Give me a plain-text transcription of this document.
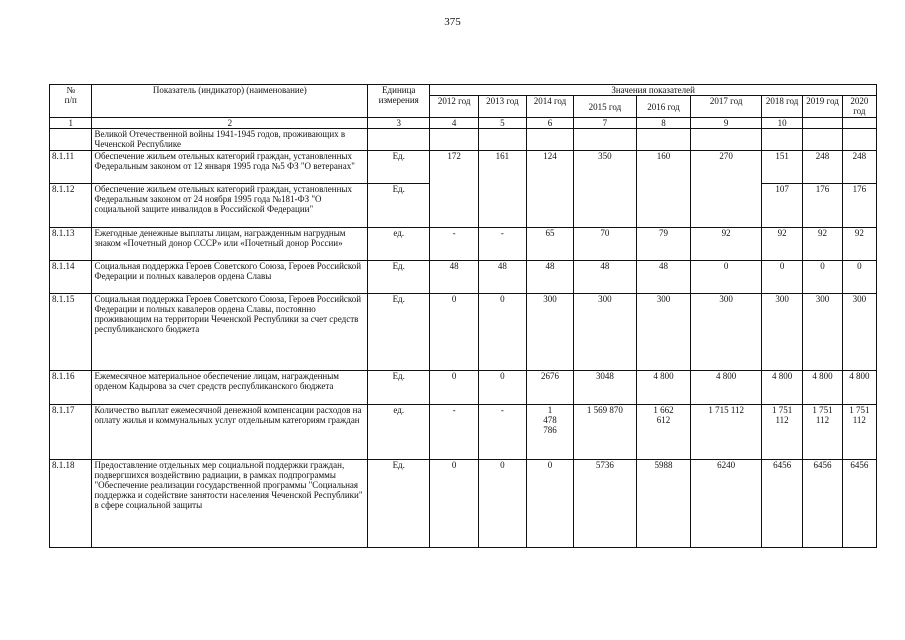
375
№
п/п	Показатель (индикатор) (наименование)	Единица измерения	Значения показателей								
			2012 год	2013 год	2014 год	2015 год	2016 год	2017 год	2018 год	2019 год	2020 год
1	2	3	4	5	6	7	8	9	10		
	Великой Отечественной войны 1941-1945 годов, проживающих в Чеченской Республике										
8.1.11	Обеспечение жильем отельных категорий граждан, установленных Федеральным законом от 12 января 1995 года №5 ФЗ "О ветеранах"	Ед.	172	161	124	350	160	270	151	248	248
8.1.12	Обеспечение жильем отельных категорий граждан, установленных Федеральным законом от 24 ноября 1995 года №181-ФЗ "О социальной защите инвалидов в Российской Федерации"	Ед.							107	176	176
8.1.13	Ежегодные денежные выплаты лицам, награжденным нагрудным знаком «Почетный донор СССР» или «Почетный донор России»	ед.	-	-	65	70	79	92	92	92	92
8.1.14	Социальная поддержка Героев Советского Союза, Героев Российской Федерации и полных кавалеров ордена Славы	Ед.	48	48	48	48	48	0	0	0	0
8.1.15	Социальная поддержка Героев Советского Союза, Героев Российской Федерации и полных кавалеров ордена Славы, постоянно проживающим на территории Чеченской Республики за счет средств республиканского бюджета	Ед.	0	0	300	300	300	300	300	300	300
8.1.16	Ежемесячное материальное обеспечение лицам, награжденным орденом Кадырова за счет средств республиканского бюджета	Ед.	0	0	2676	3048	4 800	4 800	4 800	4 800	4 800
8.1.17	Количество выплат ежемесячной денежной компенсации расходов на оплату жилья и коммунальных услуг отдельным категориям граждан	ед.	-	-	1 478 786	1 569 870	1 662 612	1 715 112	1 751 112	1 751 112	1 751 112
8.1.18	Предоставление отдельных мер социальной поддержки граждан, подвергшихся воздействию радиации, в рамках подпрограммы "Обеспечение реализации государственной программы "Социальная поддержка и содействие занятости населения Чеченской Республики" в сфере социальной защиты	Ед.	0	0	0	5736	5988	6240	6456	6456	6456
